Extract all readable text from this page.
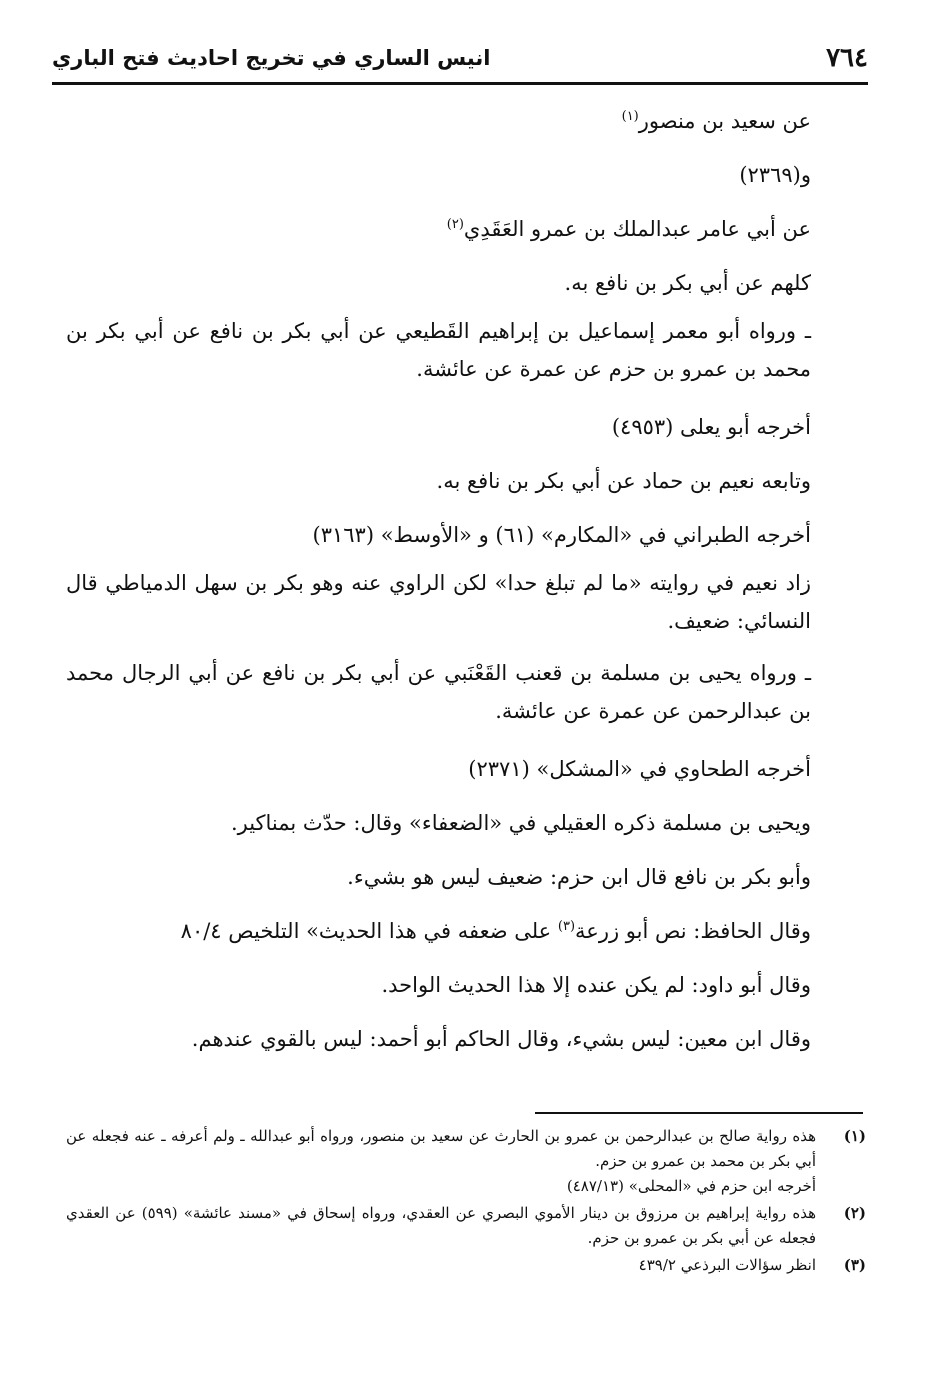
٧٦٤
انيس الساري في تخريج احاديث فتح الباري

عن سعيد بن منصور$^{(١)}$

و(٢٣٦٩)

عن أبي عامر عبدالملك بن عمرو العَقَدِي$^{(٢)}$

كلهم عن أبي بكر بن نافع به.

ـ ورواه أبو معمر إسماعيل بن إبراهيم القَطيعي عن أبي بكر بن نافع عن أبي بكر بن محمد بن عمرو بن حزم عن عمرة عن عائشة.

أخرجه أبو يعلى (٤٩٥٣)

وتابعه نعيم بن حماد عن أبي بكر بن نافع به.

أخرجه الطبراني في «المكارم» (٦١) و «الأوسط» (٣١٦٣)

زاد نعيم في روايته «ما لم تبلغ حدا» لكن الراوي عنه وهو بكر بن سهل الدمياطي قال النسائي: ضعيف.

ـ ورواه يحيى بن مسلمة بن قعنب القَعْنَبي عن أبي بكر بن نافع عن أبي الرجال محمد بن عبدالرحمن عن عمرة عن عائشة.

أخرجه الطحاوي في «المشكل» (٢٣٧١)

ويحيى بن مسلمة ذكره العقيلي في «الضعفاء» وقال: حدّث بمناكير.

وأبو بكر بن نافع قال ابن حزم: ضعيف ليس هو بشيء.

وقال الحافظ: نص أبو زرعة$^{(٣)}$ على ضعفه في هذا الحديث» التلخيص ٨٠/٤

وقال أبو داود: لم يكن عنده إلا هذا الحديث الواحد.

وقال ابن معين: ليس بشيء، وقال الحاكم أبو أحمد: ليس بالقوي عندهم.

(١)
هذه رواية صالح بن عبدالرحمن بن عمرو بن الحارث عن سعيد بن منصور، ورواه أبو عبدالله ـ ولم أعرفه ـ عنه فجعله عن أبي بكر بن محمد بن عمرو بن حزم.
أخرجه ابن حزم في «المحلى» (٤٨٧/١٣)
(٢)
هذه رواية إبراهيم بن مرزوق بن دينار الأموي البصري عن العقدي، ورواه إسحاق في «مسند عائشة» (٥٩٩) عن العقدي فجعله عن أبي بكر بن عمرو بن حزم.
(٣)
انظر سؤالات البرذعي ٤٣٩/٢
